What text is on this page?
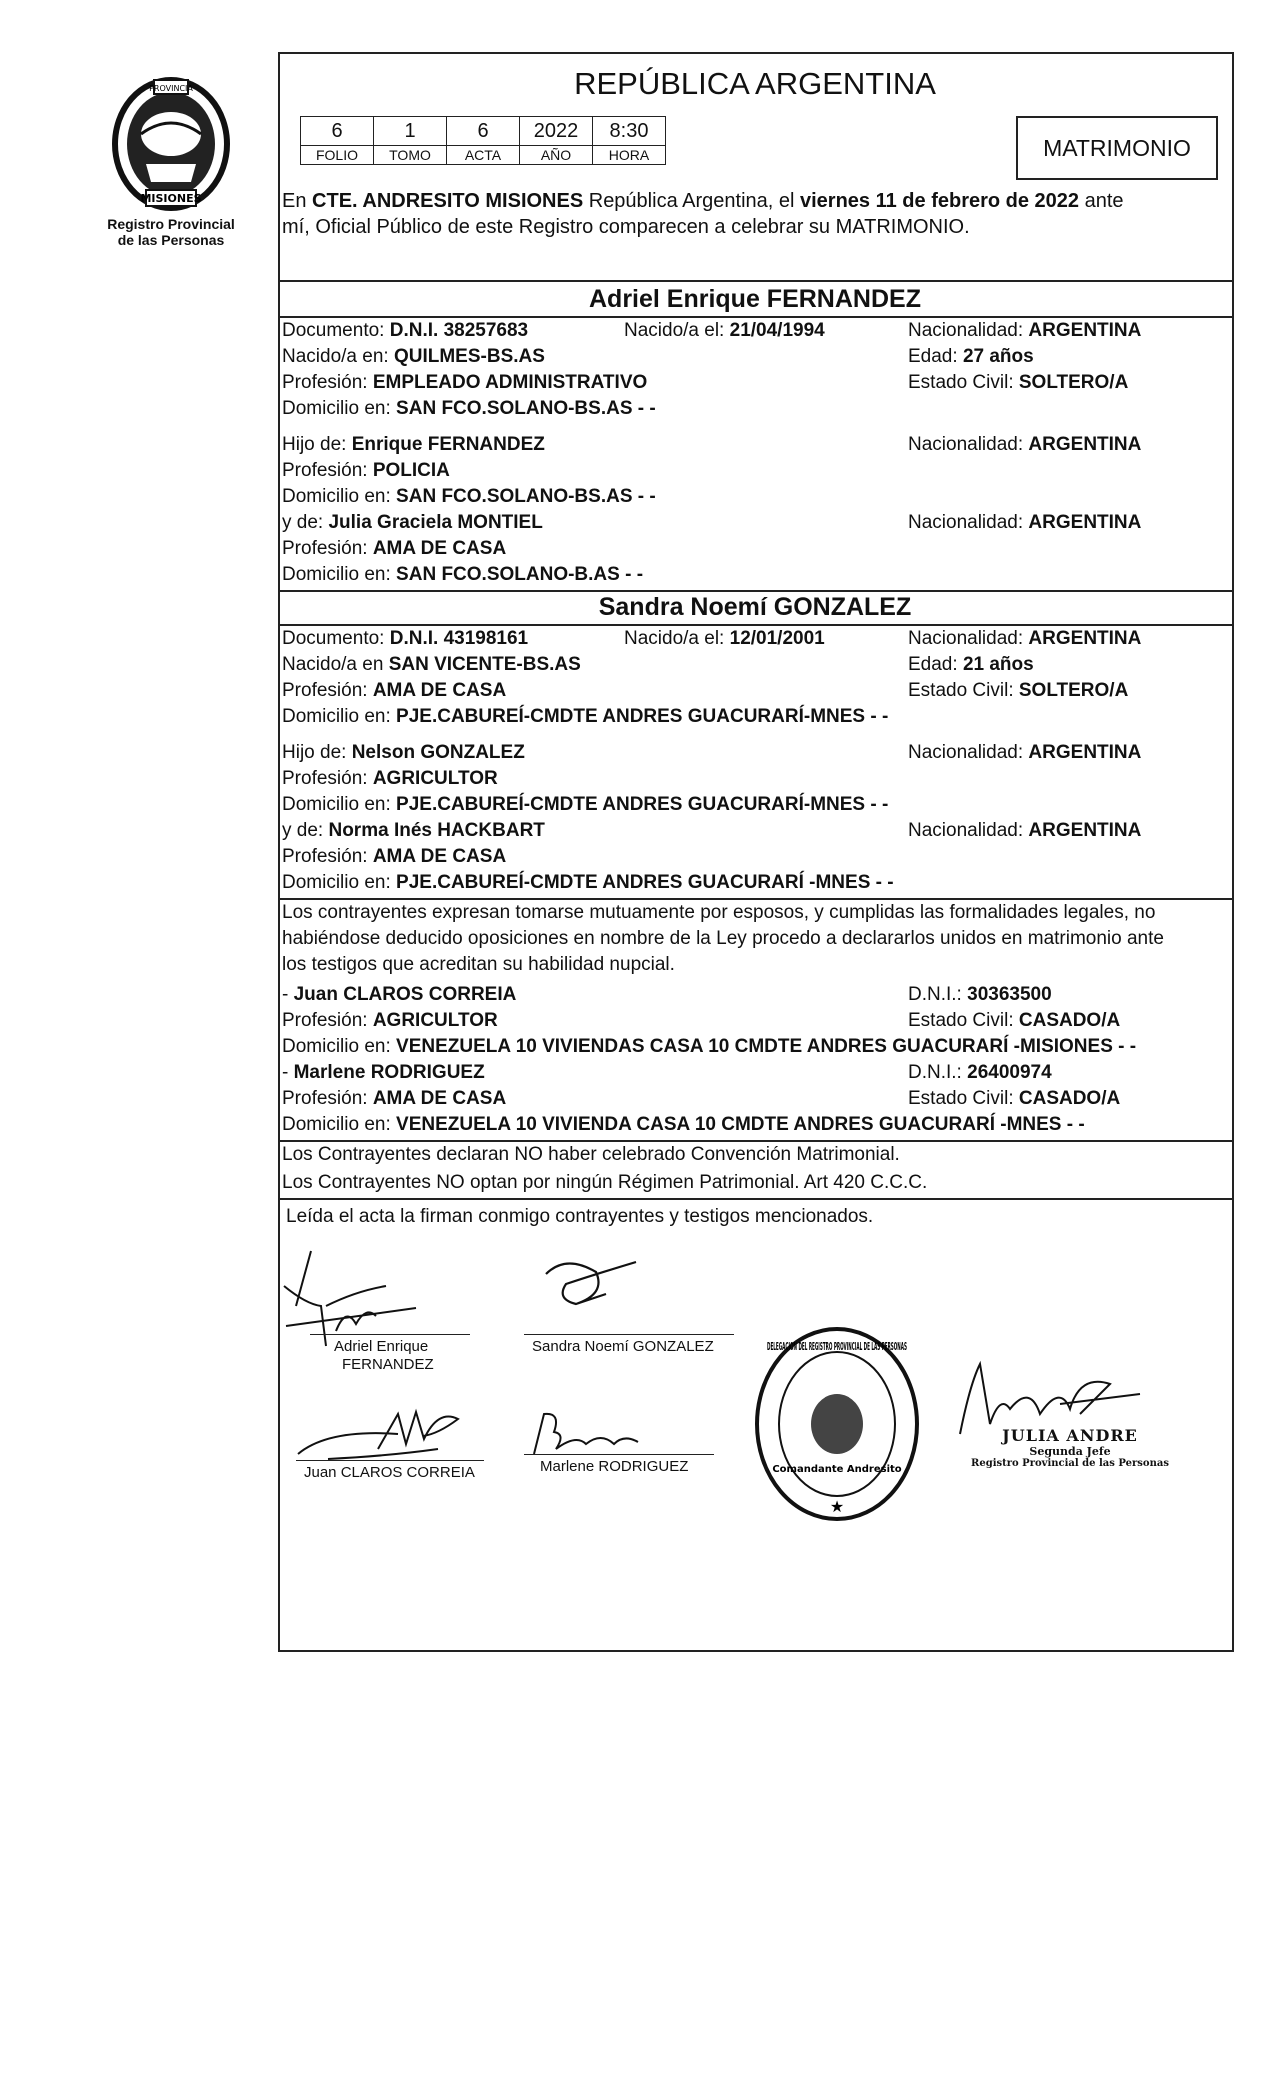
PROVINCIA
MISIONES
Registro Provincial
de las Personas
REPÚBLICA ARGENTINA
6	1	6	2022	8:30
FOLIO	TOMO	ACTA	AÑO	HORA	MATRIMONIO
En CTE. ANDRESITO MISIONES República Argentina, el viernes 11 de febrero de 2022 ante
mí, Oficial Público de este Registro comparecen a celebrar su MATRIMONIO.
Adriel Enrique FERNANDEZ
Documento: D.N.I. 38257683	Nacido/a el: 21/04/1994	Nacionalidad: ARGENTINA
Nacido/a en: QUILMES-BS.AS	Edad: 27 años
Profesión: EMPLEADO ADMINISTRATIVO	Estado Civil: SOLTERO/A
Domicilio en: SAN FCO.SOLANO-BS.AS - -
Hijo de: Enrique FERNANDEZ	Nacionalidad: ARGENTINA
Profesión: POLICIA
Domicilio en: SAN FCO.SOLANO-BS.AS - -
y de: Julia Graciela MONTIEL	Nacionalidad: ARGENTINA
Profesión: AMA DE CASA
Domicilio en: SAN FCO.SOLANO-B.AS - -
Sandra Noemí GONZALEZ
Documento: D.N.I. 43198161	Nacido/a el: 12/01/2001	Nacionalidad: ARGENTINA
Nacido/a en SAN VICENTE-BS.AS	Edad: 21 años
Profesión: AMA DE CASA	Estado Civil: SOLTERO/A
Domicilio en: PJE.CABUREÍ-CMDTE ANDRES GUACURARÍ-MNES - -
Hijo de: Nelson GONZALEZ	Nacionalidad: ARGENTINA
Profesión: AGRICULTOR
Domicilio en: PJE.CABUREÍ-CMDTE ANDRES GUACURARÍ-MNES - -
y de: Norma Inés HACKBART	Nacionalidad: ARGENTINA
Profesión: AMA DE CASA
Domicilio en: PJE.CABUREÍ-CMDTE ANDRES GUACURARÍ -MNES - -
Los contrayentes expresan tomarse mutuamente por esposos, y cumplidas las formalidades legales, no
habiéndose deducido oposiciones en nombre de la Ley procedo a declararlos unidos en matrimonio ante
los testigos que acreditan su habilidad nupcial.
- Juan CLAROS CORREIA	D.N.I.: 30363500
Profesión: AGRICULTOR	Estado Civil: CASADO/A
Domicilio en: VENEZUELA 10 VIVIENDAS CASA 10 CMDTE ANDRES GUACURARÍ -MISIONES - -
- Marlene RODRIGUEZ	D.N.I.: 26400974
Profesión: AMA DE CASA	Estado Civil: CASADO/A
Domicilio en: VENEZUELA 10 VIVIENDA CASA 10 CMDTE ANDRES GUACURARÍ -MNES - -
Los Contrayentes declaran NO haber celebrado Convención Matrimonial.
Los Contrayentes NO optan por ningún Régimen Patrimonial. Art 420 C.C.C.
Leída el acta la firman conmigo contrayentes y testigos mencionados.
Adriel Enrique
FERNANDEZ
Sandra Noemí GONZALEZ
Juan CLAROS CORREIA	Marlene RODRIGUEZ
DELEGACION DEL REGISTRO PROVINCIAL DE LAS PERSONAS
Comandante Andresito
★
JULIA ANDRE
Segunda Jefe
Registro Provincial de las Personas
